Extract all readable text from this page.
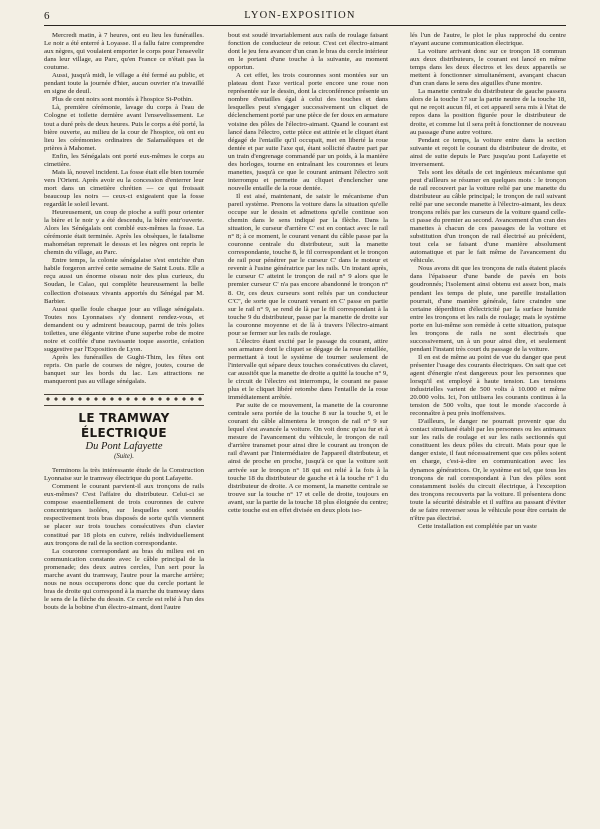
6	LYON-EXPOSITION

Mercredi matin, à 7 heures, ont eu lieu les funérailles. Le noir a été enterré à Loyasse. Il a fallu faire comprendre aux nègres, qui voulaient emporter le corps pour l'ensevelir dans leur village, au Parc, qu'en France ce n'était pas la coutume.

Aussi, jusqu'à midi, le village a été fermé au public, et pendant toute la journée d'hier, aucun ouvrier n'a travaillé en signe de deuil.

Plus de cent noirs sont montés à l'hospice St-Pothin.

Là, première cérémonie, lavage du corps à l'eau de Cologne et toilette dernière avant l'ensevelissement. Le tout a duré près de deux heures. Puis le corps a été porté, la bière ouverte, au milieu de la cour de l'hospice, où ont eu lieu les cérémonies ordinaires de Salamalèques et de prières à Mahomet.

Enfin, les Sénégalais ont porté eux-mêmes le corps au cimetière.

Mais là, nouvel incident. La fosse était elle bien tournée vers l'Orient. Après avoir eu la concession d'enterrer leur mort dans un cimetière chrétien — ce qui froissait beaucoup les noirs — ceux-ci exigeaient que la fosse regardât le soleil levant.

Heureusement, un coup de pioche a suffi pour orienter la bière et le noir y a été descendu, la bière entr'ouverte. Alors les Sénégalais ont comblé eux-mêmes la fosse. La cérémonie était terminée. Après les obsèques, le fatalisme mahométan reprenait le dessus et les nègres ont repris le chemin du village, au Parc.

Entre temps, la colonie sénégalaise s'est enrichie d'un habile forgeron arrivé cette semaine de Saint Louis. Elle a reçu aussi un énorme oiseau noir des plus curieux, du Soudan, le Calao, qui complète heureusement la belle collection d'oiseaux vivants apportés du Sénégal par M. Barbier.

Aussi quelle foule chaque jour au village sénégalais. Toutes nos Lyonnaises s'y donnent rendez-vous, et demandent ou y admirent beaucoup, parmi de très jolies toilettes, une élégante vitrine d'une superbe robe de moire noire et coiffée d'une ravissante toque assortie, création suggestive par l'Exposition de Lyon.

Après les funérailles de Gughi-Thim, les fêtes ont repris. On parle de courses de nègre, joutes, course de banquet sur les bords du lac. Les attractions ne manqueront pas au village sénégalais.

LE TRAMWAY ÉLECTRIQUE
Du Pont Lafayette
(Suite).

Terminons la très intéressante étude de la Construction Lyonnaise sur le tramway électrique du pont Lafayette.

Comment le courant parvient-il aux tronçons de rails eux-mêmes? C'est l'affaire du distributeur. Celui-ci se compose essentiellement de trois couronnes de cuivre concentriques isolées, sur lesquelles sont soudés respectivement trois bras disposés de sorte qu'ils viennent se placer sur trois touches consécutives d'un clavier constitué par 18 plots en cuivre, reliés individuellement aux tronçons de rail de la section correspondante.

La couronne correspondant au bras du milieu est en communication constante avec le câble principal de la promenade; des deux autres cercles, l'un sert pour la marche avant du tramway, l'autre pour la marche arrière; nous ne nous occuperons donc que du cercle portant le bras de droite qui correspond à la marche du tramway dans le sens de la flèche du dessin. Ce cercle est relié à l'un des bouts de la bobine d'un électro-aimant, dont l'autre

bout est soudé invariablement aux rails de roulage faisant fonction de conducteur de retour. C'est cet électro-aimant dont le jeu fera avancer d'un cran le bras du cercle intérieur en le portant d'une touche à la suivante, au moment opportun.

A cet effet, les trois couronnes sont montées sur un plateau dont l'axe vertical porte encore une roue non représentée sur le dessin, dont la circonférence présente un nombre d'entailles égal à celui des touches et dans lesquelles peut s'engager successivement un cliquet de déclenchement porté par une pièce de fer doux en armature voisine des pôles de l'électro-aimant. Quand le courant est lancé dans l'électro, cette pièce est attirée et le cliquet étant dégagé de l'entaille qu'il occupait, met en liberté la roue dentée et par suite l'axe qui, étant sollicité d'autre part par un train d'engrenage commandé par un poids, à la manière des horloges, tourne en entraînant les couronnes et leurs manettes, jusqu'à ce que le courant animant l'électro soit interrompu et permette au cliquet d'enclencher une nouvelle entaille de la roue dentée.

Il est aisé, maintenant, de saisir le mécanisme d'un pareil système. Prenons la voiture dans la situation qu'elle occupe sur le dessin et admettons qu'elle continue son chemin dans le sens indiqué par la flèche. Dans la situation, le curseur d'arrière C' est en contact avec le rail n° 8; à ce moment, le courant venant du câble passe par la couronne centrale du distributeur, suit la manette correspondante, touche 8, le fil correspondant et le tronçon de rail pour pénétrer par le curseur C' dans le moteur et revenir à l'usine génératrice par les rails. Un instant après, le curseur C' atteint le tronçon de rail n° 9 alors que le premier curseur C' n'a pas encore abandonné le tronçon n° 8. Or, ces deux curseurs sont reliés par un conducteur C'C'', de sorte que le courant venant en C' passe en partie sur le rail n° 9, se rend de là par le fil correspondant à la touche 9 du distributeur, passe par la manette de droite sur la couronne moyenne et de là à travers l'électro-aimant pour se fermer sur les rails de roulage.

L'électro étant excité par le passage du courant, attire son armature dont le cliquet se dégage de la roue entaillée, permettant à tout le système de tourner seulement de l'intervalle qui sépare deux touches consécutives du clavet, car aussitôt que la manette de droite a quitté la touche n° 9, le circuit de l'électro est interrompu, le courant ne passe plus et le cliquet libéré retombe dans l'entaille de la roue immédiatement arrêtée.

Par suite de ce mouvement, la manette de la couronne centrale sera portée de la touche 8 sur la touche 9, et le courant du câble alimentera le tronçon de rail n° 9 sur lequel s'est avancée la voiture. On voit donc qu'au fur et à mesure de l'avancement du véhicule, le tronçon de rail d'arrière transmet pour ainsi dire le courant au tronçon de rail d'avant par l'intermédiaire de l'appareil distributeur, et ainsi de proche en proche, jusqu'à ce que la voiture soit arrivée sur le tronçon n° 18 qui est relié à la fois à la touche 18 du distributeur de gauche et à la touche n° 1 du distributeur de droite. A ce moment, la manette centrale se trouve sur la touche n° 17 et celle de droite, toujours en avant, sur la partie de la touche 18 plus éloignée du centre; cette touche est en effet divisée en deux plots iso-

lés l'un de l'autre, le plot le plus rapproché du centre n'ayant aucune communication électrique.

La voiture arrivant donc sur ce tronçon 18 commun aux deux distributeurs, le courant est lancé en même temps dans les deux électros et les deux appareils se mettent à fonctionner simultanément, avançant chacun d'un cran dans le sens des aiguilles d'une montre.

La manette centrale du distributeur de gauche passera alors de la touche 17 sur la partie neutre de la touche 18, qui ne reçoit aucun fil, et cet appareil sera mis à l'état de repos dans la position figurée pour le distributeur de droite, et comme lui il sera prêt à fonctionner de nouveau au passage d'une autre voiture.

Pendant ce temps, la voiture entre dans la section suivante et reçoit le courant du distributeur de droite, et ainsi de suite depuis le Parc jusqu'au pont Lafayette et inversement.

Tels sont les détails de cet ingénieux mécanisme qui peut d'ailleurs se résumer en quelques mots : le tronçon de rail recouvert par la voiture relié par une manette du distributeur au câble principal; le tronçon de rail suivant relié par une seconde manette à l'électro-aimant, les deux tronçons reliés par les curseurs de la voiture quand celle-ci passe du premier au second. Avancement d'un cran des manettes à chacun de ces passages de la voiture et substitution d'un tronçon de rail électrisé au précédent, tout cela se faisant d'une manière absolument automatique et par le fait même de l'avancement du véhicule.

Nous avons dit que les tronçons de rails étaient placés dans l'épaisseur d'une bande de pavés en bois goudronnés; l'isolement ainsi obtenu est assez bon, mais pendant les temps de pluie, une pareille installation pourrait, d'une manière générale, faire craindre une certaine déperdition d'électricité par la surface humide entre les tronçons et les rails de roulage; mais le système porte en lui-même son remède à cette situation, puisque les tronçons de rails ne sont électrisés que successivement, un à un pour ainsi dire, et seulement pendant l'instant très court du passage de la voiture.

Il en est de même au point de vue du danger que peut présenter l'usage des courants électriques. On sait que cet agent d'énergie n'est dangereux pour les personnes que lorsqu'il est employé à haute tension. Les tensions industrielles varient de 500 volts à 10.000 et même 20.000 volts. Ici, l'on utilisera les courants continus à la tension de 500 volts, que tout le monde s'accorde à reconnaître à peu près inoffensives.

D'ailleurs, le danger ne pourrait provenir que du contact simultané établi par les personnes ou les animaux sur les rails de roulage et sur les rails sectionnés qui constituent les deux pôles du circuit. Mais pour que le danger existe, il faut nécessairement que ces pôles soient en charge, c'est-à-dire en communication avec les dynamos génératrices. Or, le système est tel, que tous les tronçons de rail correspondant à l'un des pôles sont constamment isolés du circuit électrique, à l'exception des tronçons recouverts par la voiture. Il présentera donc toute la sécurité désirable et il suffira au passant d'éviter de se faire renverser sous le véhicule pour être certain de n'être pas électrisé.

Cette installation est complétée par un vaste
